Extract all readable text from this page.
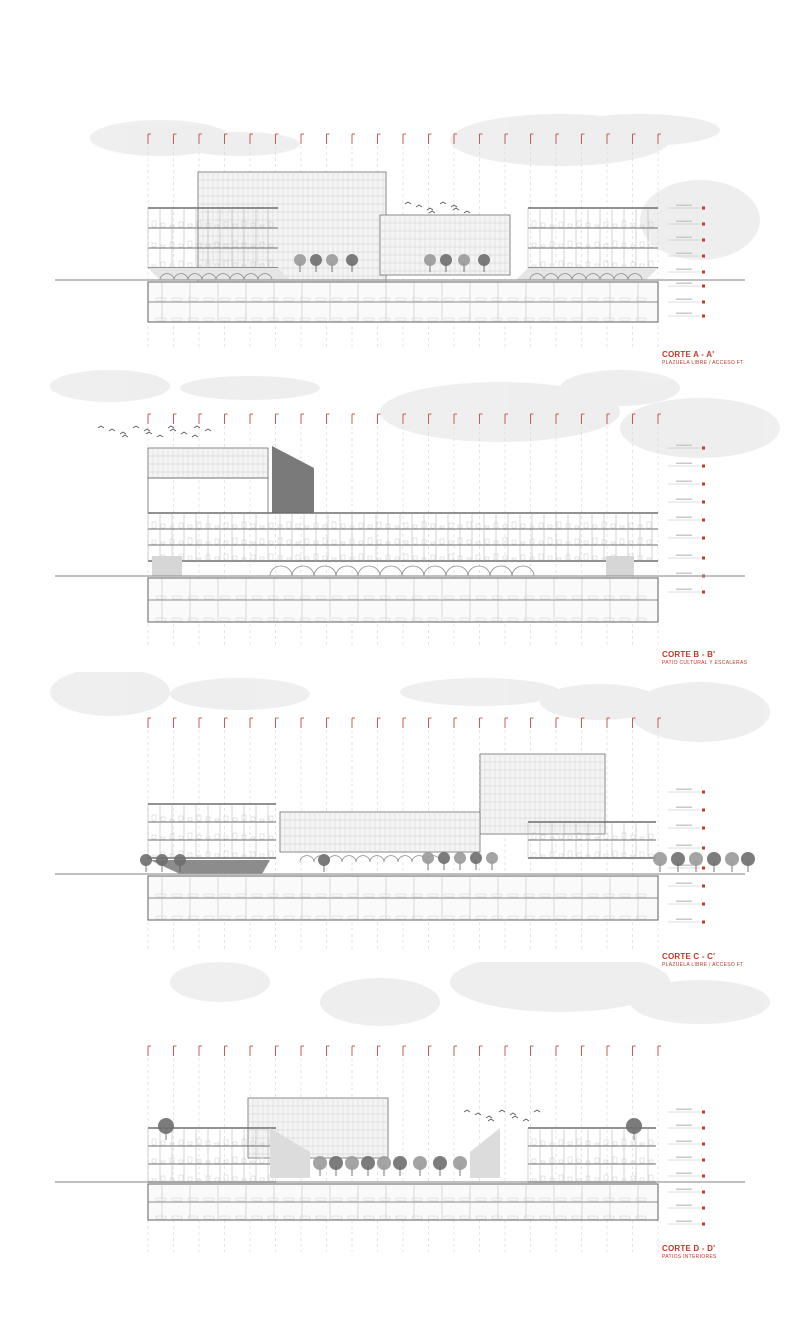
CORTE A - A'
PLAZUELA LIBRE / ACCESO FT
CORTE B - B'
PATIO CULTURAL Y ESCALERAS
CORTE C - C'
PLAZUELA LIBRE / ACCESO FT
CORTE D - D'
PATIOS INTERIORES
